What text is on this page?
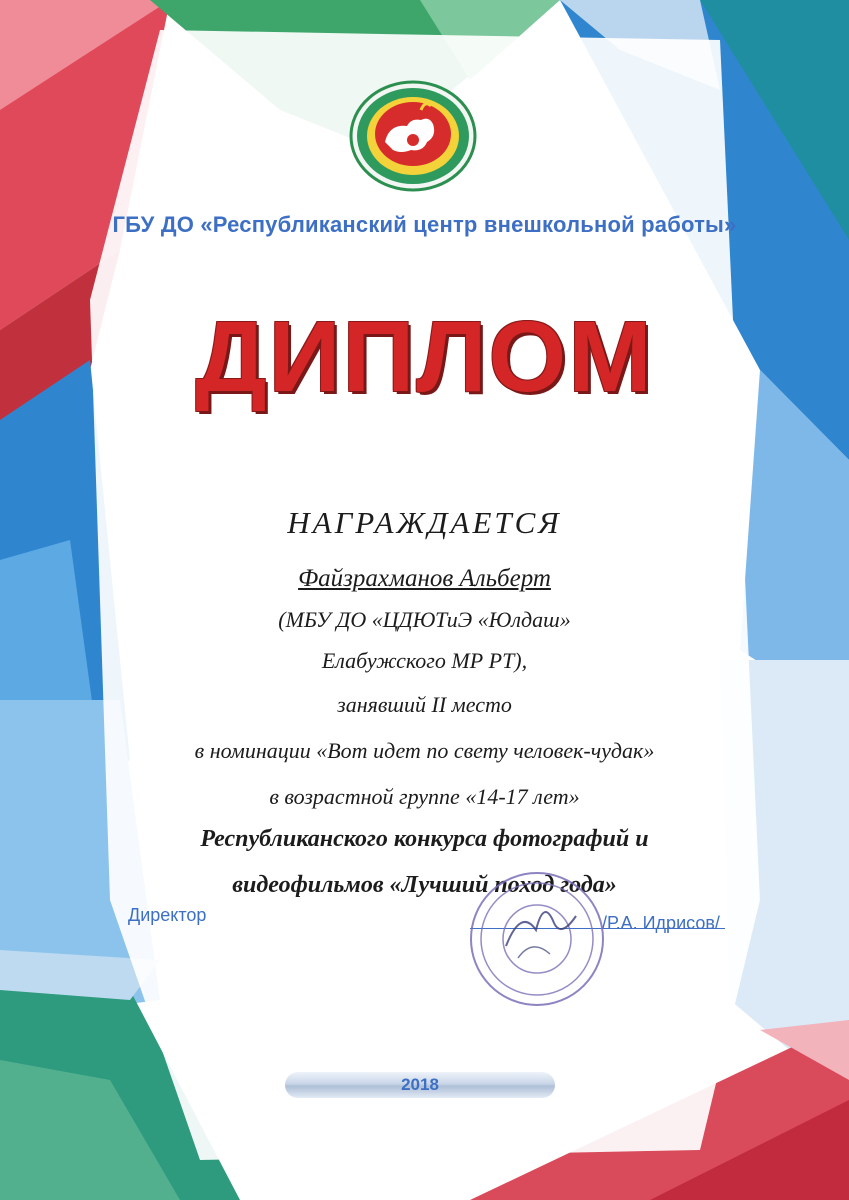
ГБУ ДО «Республиканский центр внешкольной работы»
ДИПЛОМ
НАГРАЖДАЕТСЯ
Файзрахманов Альберт
(МБУ ДО «ЦДЮТиЭ «Юлдаш»
Елабужского МР РТ),
занявший II место
в номинации «Вот идет по свету человек-чудак»
в возрастной группе «14-17 лет»
Республиканского конкурса фотографий и
видеофильмов «Лучший поход года»
Директор	/Р.А. Идрисов/
2018
